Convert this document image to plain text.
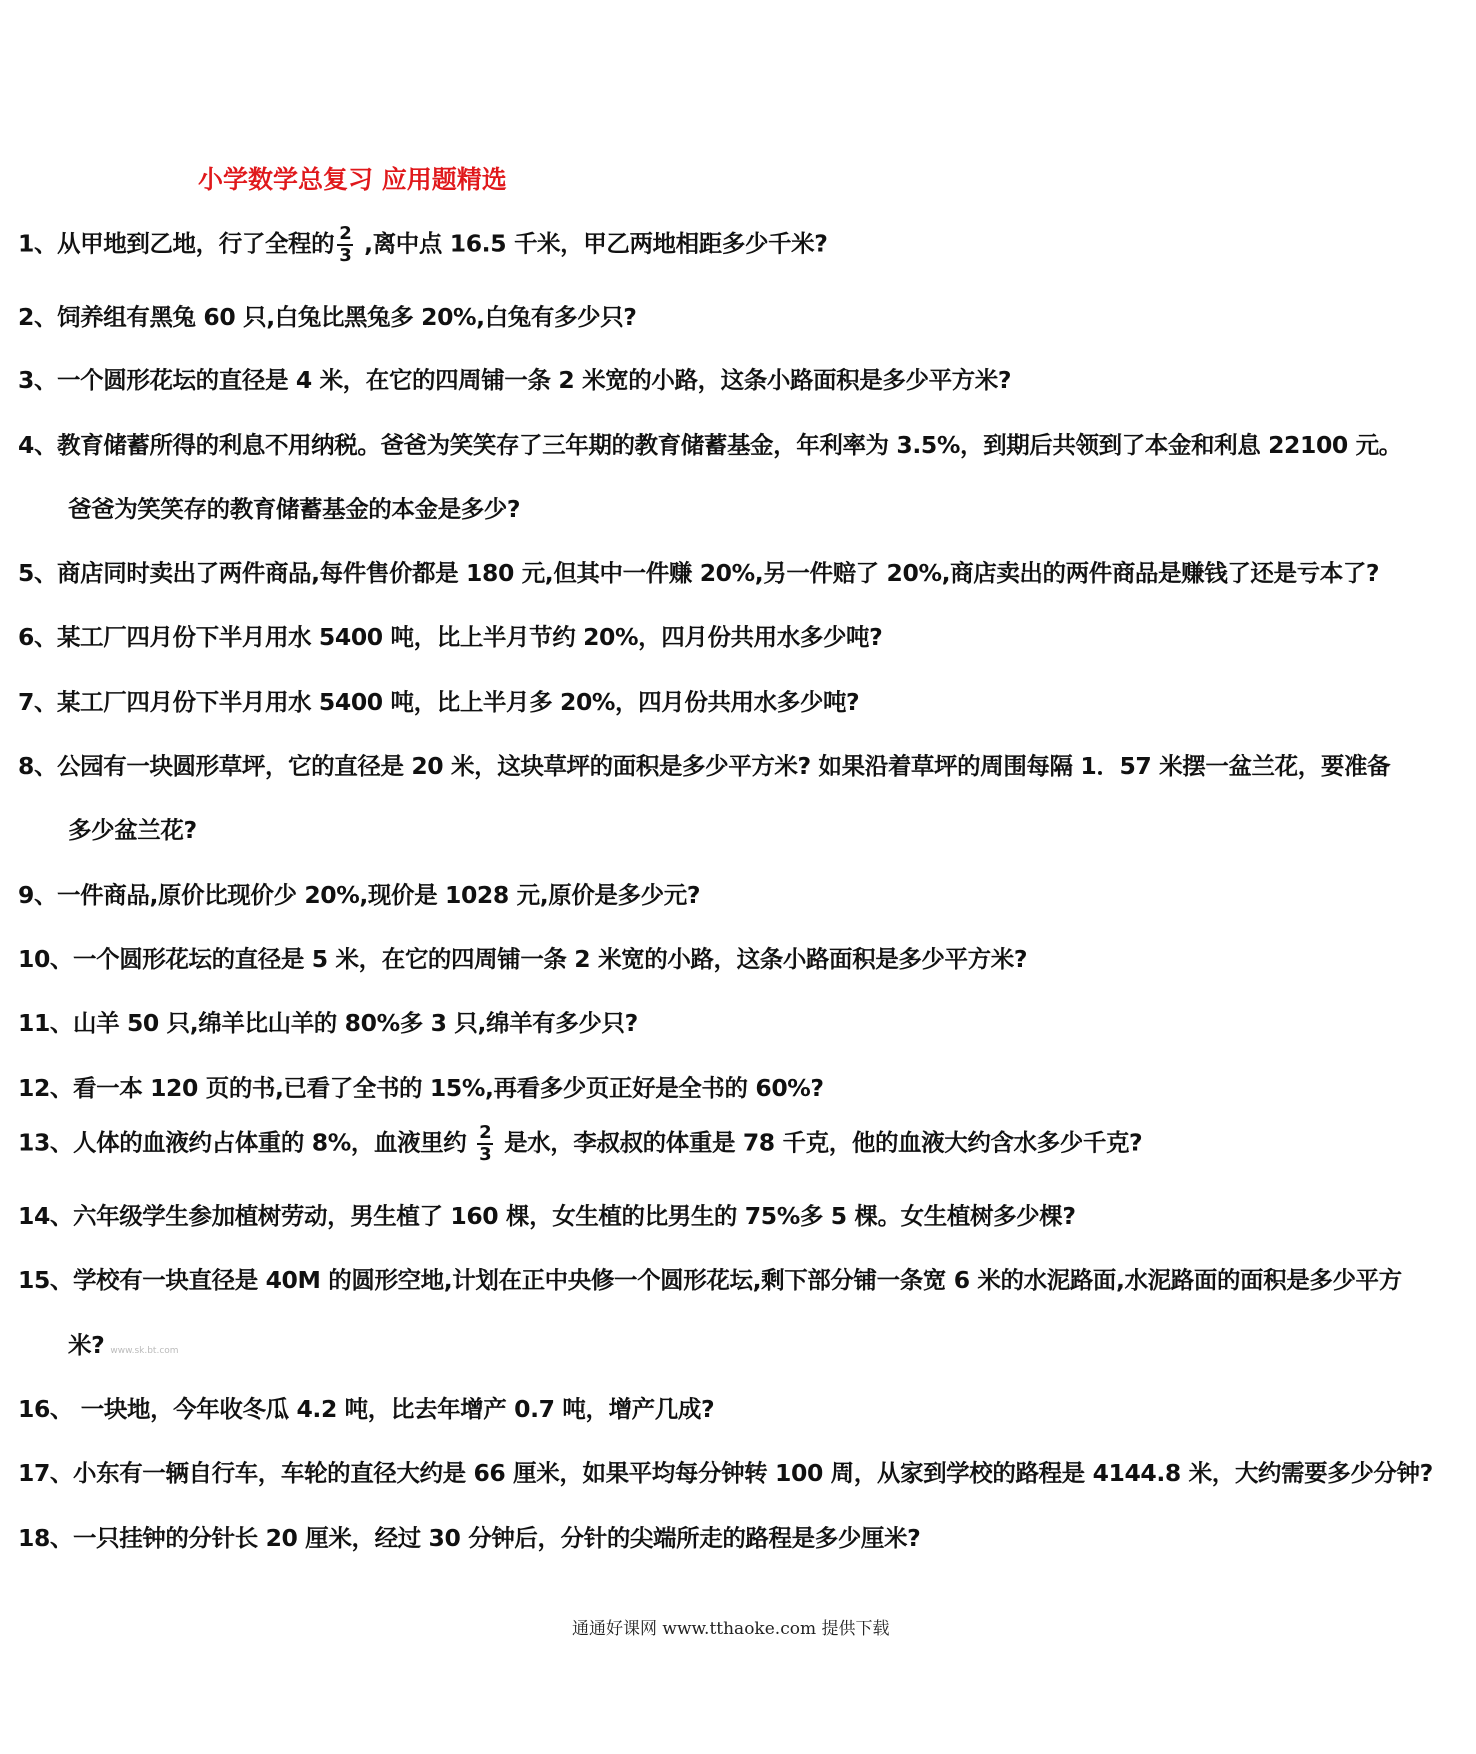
小学数学总复习 应用题精选
1、从甲地到乙地，行了全程的 $\frac{2}{3}$ ,离中点 16.5 千米，甲乙两地相距多少千米?
2、饲养组有黑兔 60 只,白兔比黑兔多 20%,白兔有多少只?
3、一个圆形花坛的直径是 4 米，在它的四周铺一条 2 米宽的小路，这条小路面积是多少平方米?
4、教育储蓄所得的利息不用纳税。爸爸为笑笑存了三年期的教育储蓄基金，年利率为 3.5%，到期后共领到了本金和利息 22100 元。
爸爸为笑笑存的教育储蓄基金的本金是多少?
5、商店同时卖出了两件商品,每件售价都是 180 元,但其中一件赚 20%,另一件赔了 20%,商店卖出的两件商品是赚钱了还是亏本了?
6、某工厂四月份下半月用水 5400 吨，比上半月节约 20%，四月份共用水多少吨?
7、某工厂四月份下半月用水 5400 吨，比上半月多 20%，四月份共用水多少吨?
8、公园有一块圆形草坪，它的直径是 20 米，这块草坪的面积是多少平方米? 如果沿着草坪的周围每隔 1．57 米摆一盆兰花，要准备
多少盆兰花?
9、一件商品,原价比现价少 20%,现价是 1028 元,原价是多少元?
10、一个圆形花坛的直径是 5 米，在它的四周铺一条 2 米宽的小路，这条小路面积是多少平方米?
11、山羊 50 只,绵羊比山羊的 80%多 3 只,绵羊有多少只?
12、看一本 120 页的书,已看了全书的 15%,再看多少页正好是全书的 60%?
13、人体的血液约占体重的 8%，血液里约 $\frac{2}{3}$ 是水，李叔叔的体重是 78 千克，他的血液大约含水多少千克?
14、六年级学生参加植树劳动，男生植了 160 棵，女生植的比男生的 75%多 5 棵。女生植树多少棵?
15、学校有一块直径是 40M 的圆形空地,计划在正中央修一个圆形花坛,剩下部分铺一条宽 6 米的水泥路面,水泥路面的面积是多少平方
米? www.sk.bt.com
16、 一块地，今年收冬瓜 4.2 吨，比去年增产 0.7 吨，增产几成?
17、小东有一辆自行车，车轮的直径大约是 66 厘米，如果平均每分钟转 100 周，从家到学校的路程是 4144.8 米，大约需要多少分钟?
18、一只挂钟的分针长 20 厘米，经过 30 分钟后，分针的尖端所走的路程是多少厘米?
通通好课网 www.tthaoke.com 提供下载
